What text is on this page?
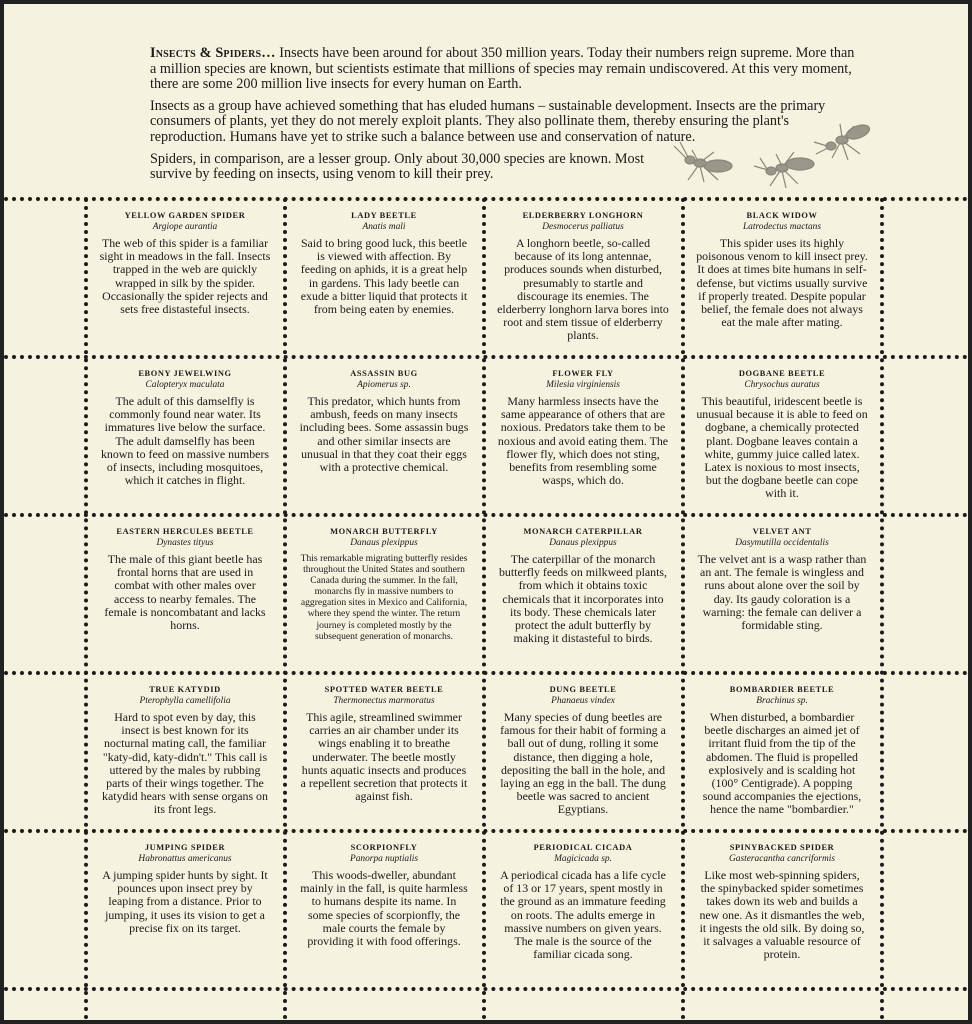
Insects & Spiders… Insects have been around for about 350 million years. Today their numbers reign supreme. More than a million species are known, but scientists estimate that millions of species may remain undiscovered. At this very moment, there are some 200 million live insects for every human on Earth.

Insects as a group have achieved something that has eluded humans – sustainable development. Insects are the primary consumers of plants, yet they do not merely exploit plants. They also pollinate them, thereby ensuring the plant's reproduction. Humans have yet to strike such a balance between use and conservation of nature.

Spiders, in comparison, are a lesser group. Only about 30,000 species are known. Most survive by feeding on insects, using venom to kill their prey.

YELLOW GARDEN SPIDER
Argiope aurantia
The web of this spider is a familiar sight in meadows in the fall. Insects trapped in the web are quickly wrapped in silk by the spider. Occasionally the spider rejects and sets free distasteful insects.
LADY BEETLE
Anatis mali
Said to bring good luck, this beetle is viewed with affection. By feeding on aphids, it is a great help in gardens. This lady beetle can exude a bitter liquid that protects it from being eaten by enemies.
ELDERBERRY LONGHORN
Desmocerus palliatus
A longhorn beetle, so-called because of its long antennae, produces sounds when disturbed, presumably to startle and discourage its enemies. The elderberry longhorn larva bores into root and stem tissue of elderberry plants.
BLACK WIDOW
Latrodectus mactans
This spider uses its highly poisonous venom to kill insect prey. It does at times bite humans in self-defense, but victims usually survive if properly treated. Despite popular belief, the female does not always eat the male after mating.
EBONY JEWELWING
Calopteryx maculata
The adult of this damselfly is commonly found near water. Its immatures live below the surface. The adult damselfly has been known to feed on massive numbers of insects, including mosquitoes, which it catches in flight.
ASSASSIN BUG
Apiomerus sp.
This predator, which hunts from ambush, feeds on many insects including bees. Some assassin bugs and other similar insects are unusual in that they coat their eggs with a protective chemical.
FLOWER FLY
Milesia virginiensis
Many harmless insects have the same appearance of others that are noxious. Predators take them to be noxious and avoid eating them. The flower fly, which does not sting, benefits from resembling some wasps, which do.
DOGBANE BEETLE
Chrysochus auratus
This beautiful, iridescent beetle is unusual because it is able to feed on dogbane, a chemically protected plant. Dogbane leaves contain a white, gummy juice called latex. Latex is noxious to most insects, but the dogbane beetle can cope with it.
EASTERN HERCULES BEETLE
Dynastes tityus
The male of this giant beetle has frontal horns that are used in combat with other males over access to nearby females. The female is noncombatant and lacks horns.
MONARCH BUTTERFLY
Danaus plexippus
This remarkable migrating butterfly resides throughout the United States and southern Canada during the summer. In the fall, monarchs fly in massive numbers to aggregation sites in Mexico and California, where they spend the winter. The return journey is completed mostly by the subsequent generation of monarchs.
MONARCH CATERPILLAR
Danaus plexippus
The caterpillar of the monarch butterfly feeds on milkweed plants, from which it obtains toxic chemicals that it incorporates into its body. These chemicals later protect the adult butterfly by making it distasteful to birds.
VELVET ANT
Dasymutilla occidentalis
The velvet ant is a wasp rather than an ant. The female is wingless and runs about alone over the soil by day. Its gaudy coloration is a warning: the female can deliver a formidable sting.
TRUE KATYDID
Pterophylla camellifolia
Hard to spot even by day, this insect is best known for its nocturnal mating call, the familiar "katy-did, katy-didn't." This call is uttered by the males by rubbing parts of their wings together. The katydid hears with sense organs on its front legs.
SPOTTED WATER BEETLE
Thermonectus marmoratus
This agile, streamlined swimmer carries an air chamber under its wings enabling it to breathe underwater. The beetle mostly hunts aquatic insects and produces a repellent secretion that protects it against fish.
DUNG BEETLE
Phanaeus vindex
Many species of dung beetles are famous for their habit of forming a ball out of dung, rolling it some distance, then digging a hole, depositing the ball in the hole, and laying an egg in the ball. The dung beetle was sacred to ancient Egyptians.
BOMBARDIER BEETLE
Brachinus sp.
When disturbed, a bombardier beetle discharges an aimed jet of irritant fluid from the tip of the abdomen. The fluid is propelled explosively and is scalding hot (100° Centigrade). A popping sound accompanies the ejections, hence the name "bombardier."
JUMPING SPIDER
Habronattus americanus
A jumping spider hunts by sight. It pounces upon insect prey by leaping from a distance. Prior to jumping, it uses its vision to get a precise fix on its target.
SCORPIONFLY
Panorpa nuptialis
This woods-dweller, abundant mainly in the fall, is quite harmless to humans despite its name. In some species of scorpionfly, the male courts the female by providing it with food offerings.
PERIODICAL CICADA
Magicicada sp.
A periodical cicada has a life cycle of 13 or 17 years, spent mostly in the ground as an immature feeding on roots. The adults emerge in massive numbers on given years. The male is the source of the familiar cicada song.
SPINYBACKED SPIDER
Gasteracantha cancriformis
Like most web-spinning spiders, the spinybacked spider sometimes takes down its web and builds a new one. As it dismantles the web, it ingests the old silk. By doing so, it salvages a valuable resource of protein.
